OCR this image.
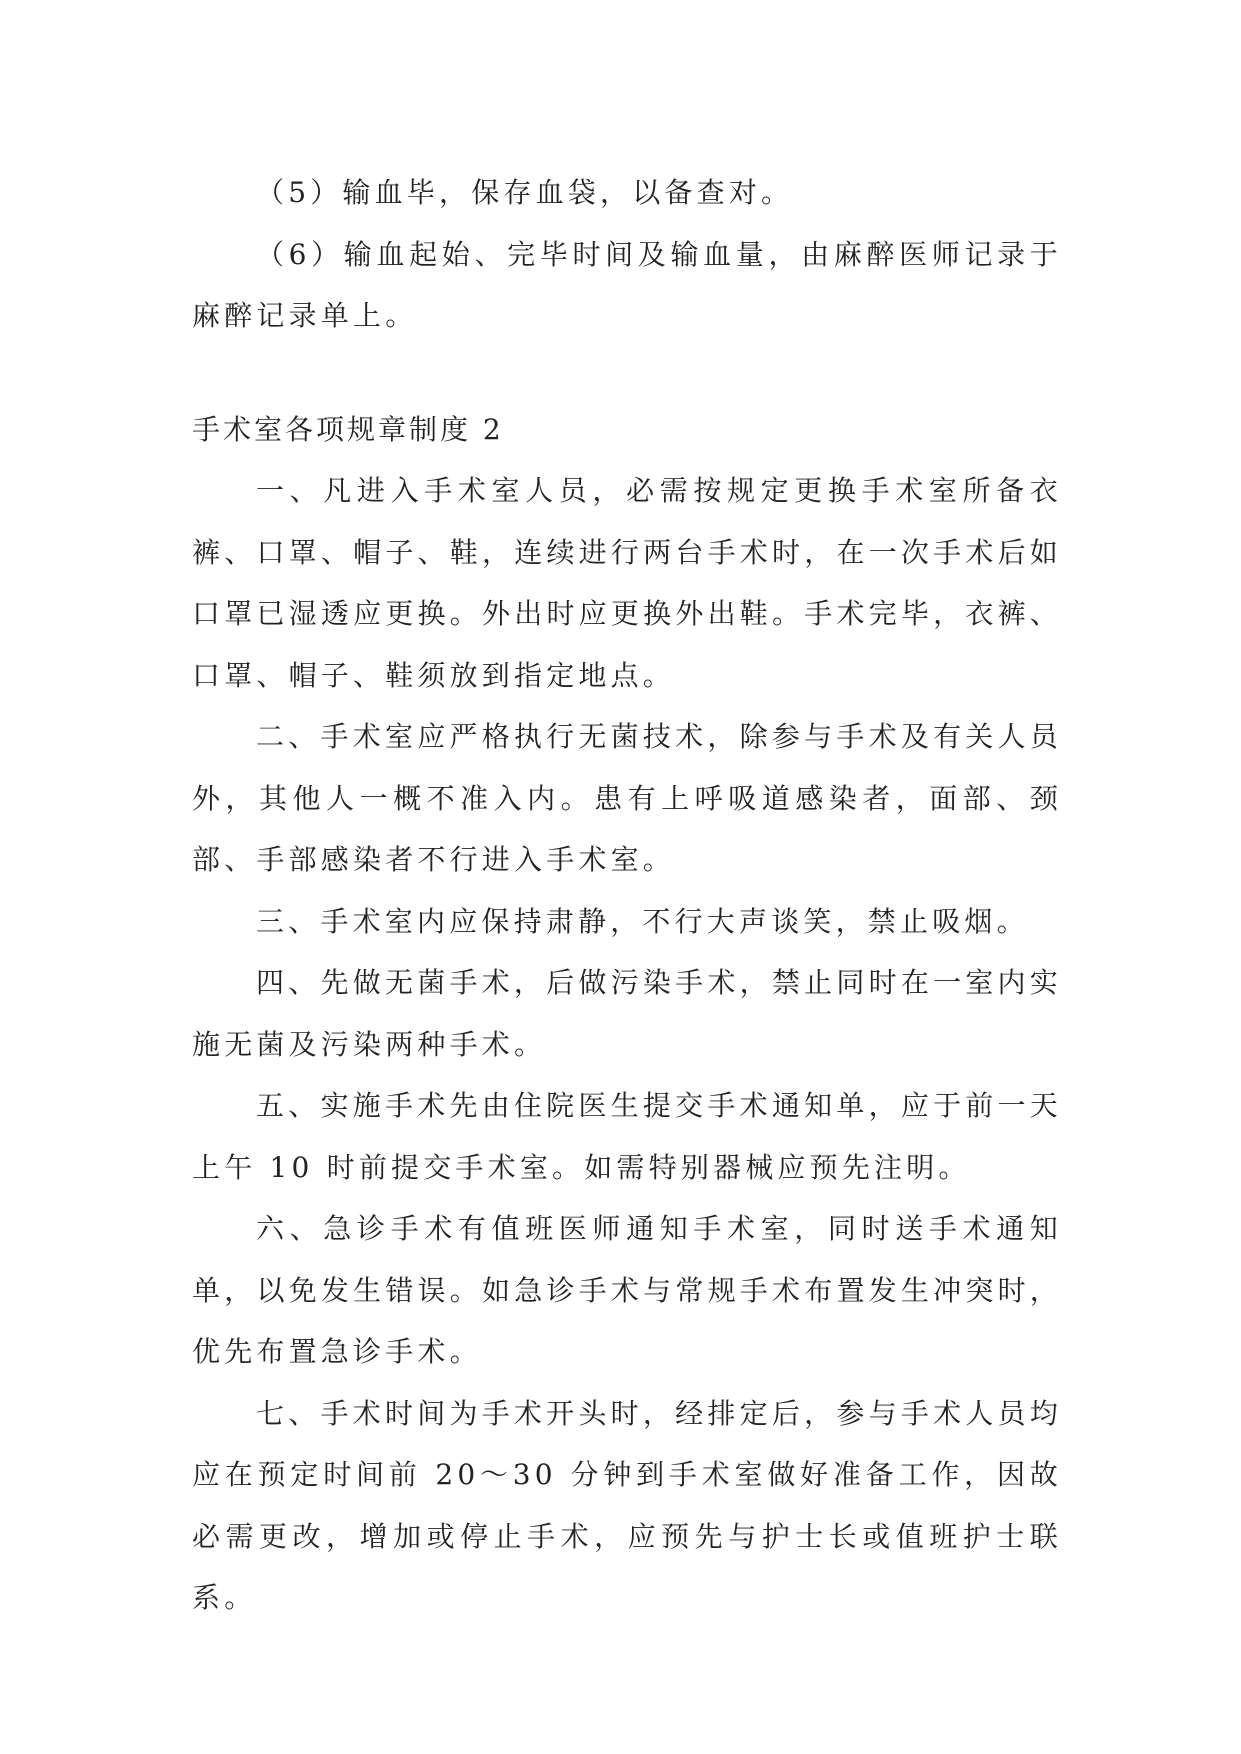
（5）输血毕，保存血袋，以备查对。

（6）输血起始、完毕时间及输血量，由麻醉医师记录于麻醉记录单上。

手术室各项规章制度 2

一、凡进入手术室人员，必需按规定更换手术室所备衣裤、口罩、帽子、鞋，连续进行两台手术时，在一次手术后如口罩已湿透应更换。外出时应更换外出鞋。手术完毕，衣裤、口罩、帽子、鞋须放到指定地点。

二、手术室应严格执行无菌技术，除参与手术及有关人员外，其他人一概不准入内。患有上呼吸道感染者，面部、颈部、手部感染者不行进入手术室。

三、手术室内应保持肃静，不行大声谈笑，禁止吸烟。

四、先做无菌手术，后做污染手术，禁止同时在一室内实施无菌及污染两种手术。

五、实施手术先由住院医生提交手术通知单，应于前一天上午 10 时前提交手术室。如需特别器械应预先注明。

六、急诊手术有值班医师通知手术室，同时送手术通知单，以免发生错误。如急诊手术与常规手术布置发生冲突时，优先布置急诊手术。

七、手术时间为手术开头时，经排定后，参与手术人员均应在预定时间前 20～30 分钟到手术室做好准备工作，因故必需更改，增加或停止手术，应预先与护士长或值班护士联系。
